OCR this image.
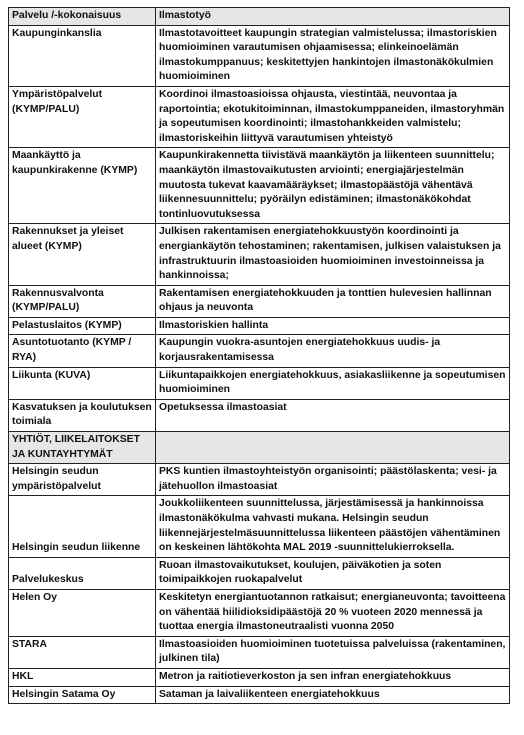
Palvelu /-kokonaisuus	Ilmastotyö
Kaupunginkanslia	Ilmastotavoitteet kaupungin strategian valmistelussa; ilmastoriskien huomioiminen varautumisen ohjaamisessa; elinkeinoelämän ilmastokumppanuus; keskitettyjen hankintojen ilmastonäkökulmien huomioiminen
Ympäristöpalvelut (KYMP/PALU)	Koordinoi ilmastoasioissa ohjausta, viestintää, neuvontaa ja raportointia; ekotukitoiminnan, ilmastokumppaneiden, ilmastoryhmän ja sopeutumisen koordinointi; ilmastohankkeiden valmistelu; ilmastoriskeihin liittyvä varautumisen yhteistyö
Maankäyttö ja kaupunkirakenne (KYMP)	Kaupunkirakennetta tiivistävä maankäytön ja liikenteen suunnittelu; maankäytön ilmastovaikutusten arviointi; energiajärjestelmän muutosta tukevat kaavamääräykset; ilmastopäästöjä vähentävä liikennesuunnittelu; pyöräilyn edistäminen; ilmastonäkökohdat tontinluovutuksessa
Rakennukset ja yleiset alueet (KYMP)	Julkisen rakentamisen energiatehokkuustyön koordinointi ja energiankäytön tehostaminen; rakentamisen, julkisen valaistuksen ja infrastruktuurin ilmastoasioiden huomioiminen investoinneissa ja hankinnoissa;
Rakennusvalvonta (KYMP/PALU)	Rakentamisen energiatehokkuuden ja tonttien hulevesien hallinnan ohjaus ja neuvonta
Pelastuslaitos (KYMP)	Ilmastoriskien hallinta
Asuntotuotanto (KYMP / RYA)	Kaupungin vuokra-asuntojen energiatehokkuus uudis- ja korjausrakentamisessa
Liikunta (KUVA)	Liikuntapaikkojen energiatehokkuus, asiakasliikenne ja sopeutumisen huomioiminen
Kasvatuksen ja koulutuksen toimiala	Opetuksessa ilmastoasiat
YHTIÖT, LIIKELAITOKSET JA KUNTAYHTYMÄT	
Helsingin seudun ympäristöpalvelut	PKS kuntien ilmastoyhteistyön organisointi; päästölaskenta; vesi- ja jätehuollon ilmastoasiat
Helsingin seudun liikenne	Joukkoliikenteen suunnittelussa, järjestämisessä ja hankinnoissa ilmastonäkökulma vahvasti mukana. Helsingin seudun liikennejärjestelmäsuunnittelussa liikenteen päästöjen vähentäminen on keskeinen lähtökohta MAL 2019 -suunnittelukierroksella.
Palvelukeskus	Ruoan ilmastovaikutukset, koulujen, päiväkotien ja soten toimipaikkojen ruokapalvelut
Helen Oy	Keskitetyn energiantuotannon ratkaisut; energianeuvonta; tavoitteena on vähentää hiilidioksidipäästöjä 20 % vuoteen 2020 mennessä ja tuottaa energia ilmastoneutraalisti vuonna 2050
STARA	Ilmastoasioiden huomioiminen tuotetuissa palveluissa (rakentaminen, julkinen tila)
HKL	Metron ja raitiotieverkoston ja sen infran energiatehokkuus
Helsingin Satama Oy	Sataman ja laivaliikenteen energiatehokkuus
